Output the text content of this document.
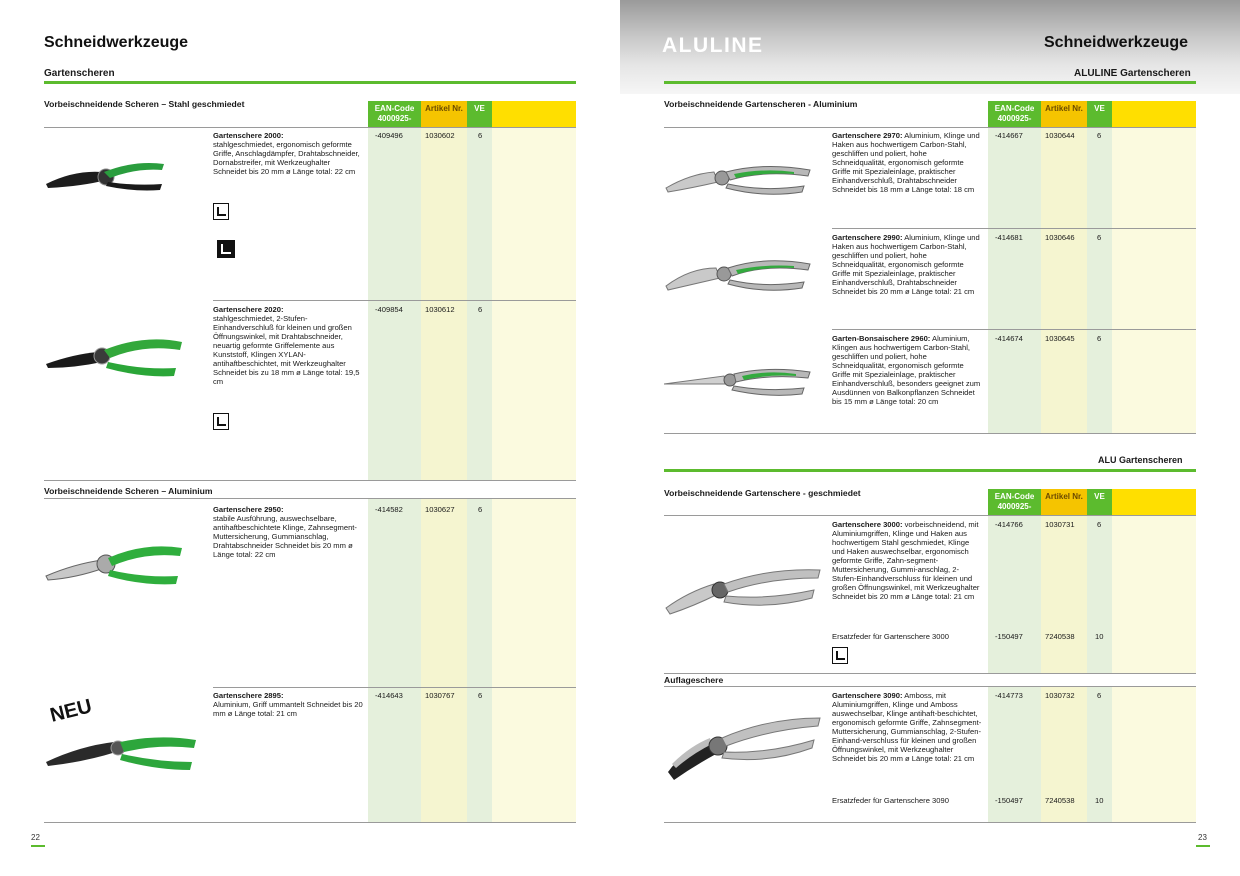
Schneidwerkzeuge
Gartenscheren
Vorbeischneidende Scheren – Stahl geschmiedet	EAN-Code 4000925-
Artikel Nr.	VE
Gartenschere 2000:
stahlgeschmiedet, ergonomisch geformte Griffe, Anschlagdämpfer, Drahtabschneider, Dornabstreifer, mit Werkzeughalter Schneidet bis 20 mm ø Länge total: 22 cm
-409496	1030602	6
Gartenschere 2020:
stahlgeschmiedet, 2-Stufen-Einhandverschluß für kleinen und großen Öffnungswinkel, mit Drahtabschneider, neuartig geformte Griffelemente aus Kunststoff, Klingen XYLAN-antihaftbeschichtet, mit Werkzeughalter Schneidet bis zu 18 mm ø Länge total: 19,5 cm
-409854	1030612	6
Vorbeischneidende Scheren – Aluminium
Gartenschere 2950:
stabile Ausführung, auswechselbare, antihaftbeschichtete Klinge, Zahnsegment-Muttersicherung, Gummianschlag, Drahtabschneider Schneidet bis 20 mm ø Länge total: 22 cm
-414582	1030627	6
NEU	Gartenschere 2895:
Aluminium, Griff ummantelt Schneidet bis 20 mm ø Länge total: 21 cm
-414643	1030767	6
22
ALULINE	Schneidwerkzeuge
ALULINE Gartenscheren
Vorbeischneidende Gartenscheren - Aluminium	EAN-Code 4000925-
Artikel Nr.	VE
Gartenschere 2970: Aluminium, Klinge und Haken aus hochwertigem Carbon-Stahl, geschliffen und poliert, hohe Schneidqualität, ergonomisch geformte Griffe mit Spezialeinlage, praktischer Einhandverschluß, Drahtabschneider Schneidet bis 18 mm ø Länge total: 18 cm
-414667	1030644	6
Gartenschere 2990: Aluminium, Klinge und Haken aus hochwertigem Carbon-Stahl, geschliffen und poliert, hohe Schneidqualität, ergonomisch geformte Griffe mit Spezialeinlage, praktischer Einhandverschluß, Drahtabschneider Schneidet bis 20 mm ø Länge total: 21 cm
-414681	1030646	6
Garten-Bonsaischere 2960: Aluminium, Klingen aus hochwertigem Carbon-Stahl, geschliffen und poliert, hohe Schneidqualität, ergonomisch geformte Griffe mit Spezialeinlage, praktischer Einhandverschluß, besonders geeignet zum Ausdünnen von Balkonpflanzen Schneidet bis 15 mm ø Länge total: 20 cm
-414674	1030645	6
ALU Gartenscheren
Vorbeischneidende Gartenschere - geschmiedet	EAN-Code 4000925-
Artikel Nr.	VE
Gartenschere 3000: vorbeischneidend, mit Aluminiumgriffen, Klinge und Haken aus hochwertigem Stahl geschmiedet, Klinge und Haken auswechselbar, ergonomisch geformte Griffe, Zahn-segment-Muttersicherung, Gummi-anschlag, 2-Stufen-Einhandverschluss für kleinen und großen Öffnungswinkel, mit Werkzeughalter Schneidet bis 20 mm ø Länge total: 21 cm
-414766	1030731	6
Ersatzfeder für Gartenschere 3000	-150497	7240538	10
Auflageschere
Gartenschere 3090: Amboss, mit Aluminiumgriffen, Klinge und Amboss auswechselbar, Klinge antihaft-beschichtet, ergonomisch geformte Griffe, Zahnsegment-Muttersicherung, Gummianschlag, 2-Stufen-Einhand-verschluss für kleinen und großen Öffnungswinkel, mit Werkzeughalter Schneidet bis 20 mm ø Länge total: 21 cm
-414773	1030732	6
Ersatzfeder für Gartenschere 3090	-150497	7240538	10
23
